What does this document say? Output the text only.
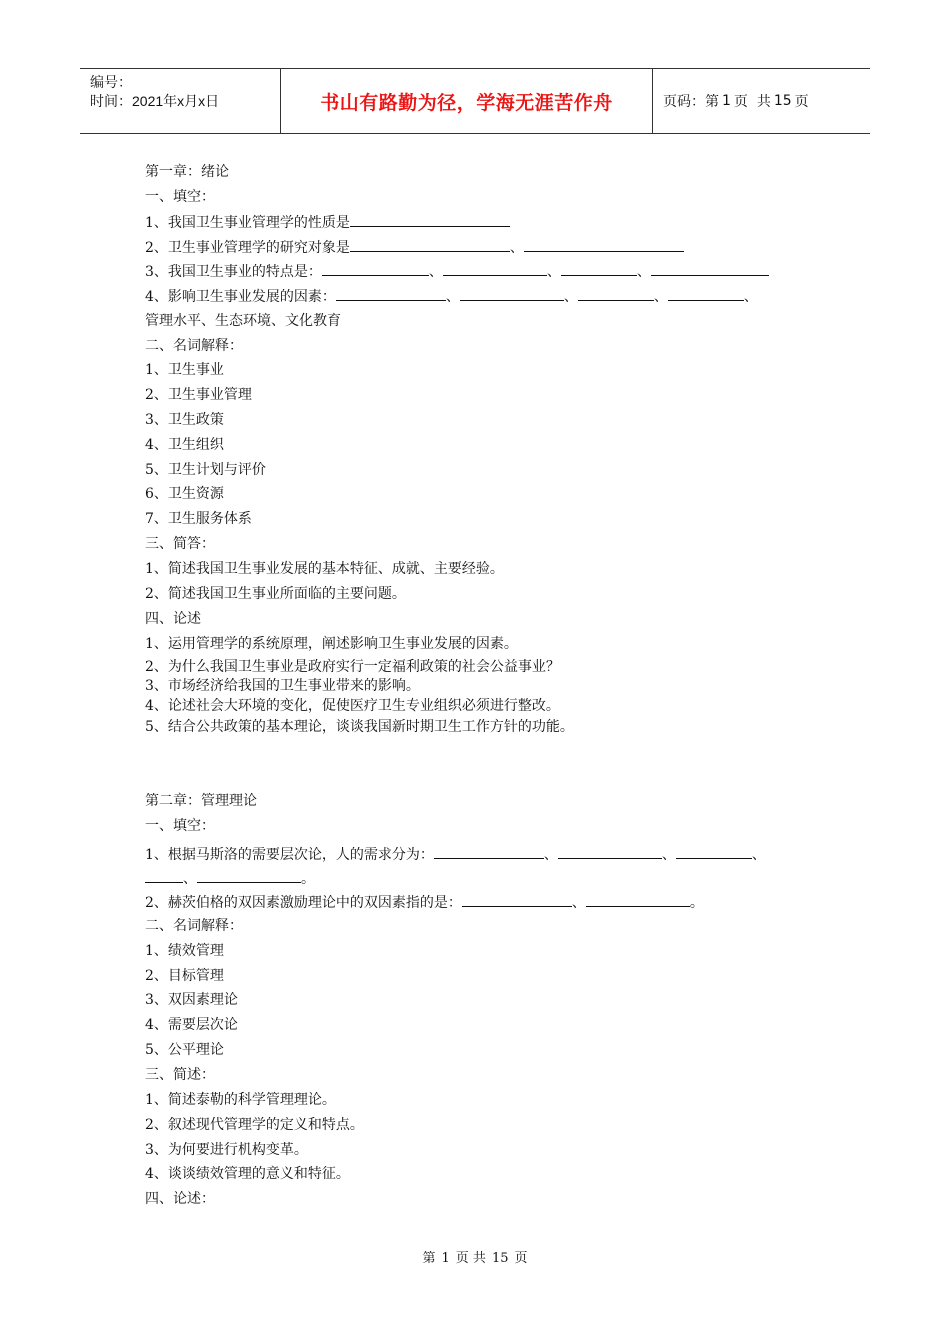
编号：
时间：2021年x月x日	书山有路勤为径，学海无涯苦作舟	页码：第 1 页  共 15 页
第一章：绪论
一、填空：
1、我国卫生事业管理学的性质是
2、卫生事业管理学的研究对象是	、
3、我国卫生事业的特点是：	、	、	、
4、影响卫生事业发展的因素：	、	、	、	、
管理水平、生态环境、文化教育
二、名词解释：
1、卫生事业
2、卫生事业管理
3、卫生政策
4、卫生组织
5、卫生计划与评价
6、卫生资源
7、卫生服务体系
三、简答：
1、简述我国卫生事业发展的基本特征、成就、主要经验。
2、简述我国卫生事业所面临的主要问题。
四、论述
1、运用管理学的系统原理，阐述影响卫生事业发展的因素。
2、为什么我国卫生事业是政府实行一定福利政策的社会公益事业？
3、市场经济给我国的卫生事业带来的影响。
4、论述社会大环境的变化，促使医疗卫生专业组织必须进行整改。
5、结合公共政策的基本理论，谈谈我国新时期卫生工作方针的功能。
第二章：管理理论
一、填空：
1、根据马斯洛的需要层次论，人的需求分为：	、	、	、
、	。
2、赫茨伯格的双因素激励理论中的双因素指的是：	、	。
二、名词解释：
1、绩效管理
2、目标管理
3、双因素理论
4、需要层次论
5、公平理论
三、简述：
1、简述泰勒的科学管理理论。
2、叙述现代管理学的定义和特点。
3、为何要进行机构变革。
4、谈谈绩效管理的意义和特征。
四、论述：
第 1 页 共 15 页
